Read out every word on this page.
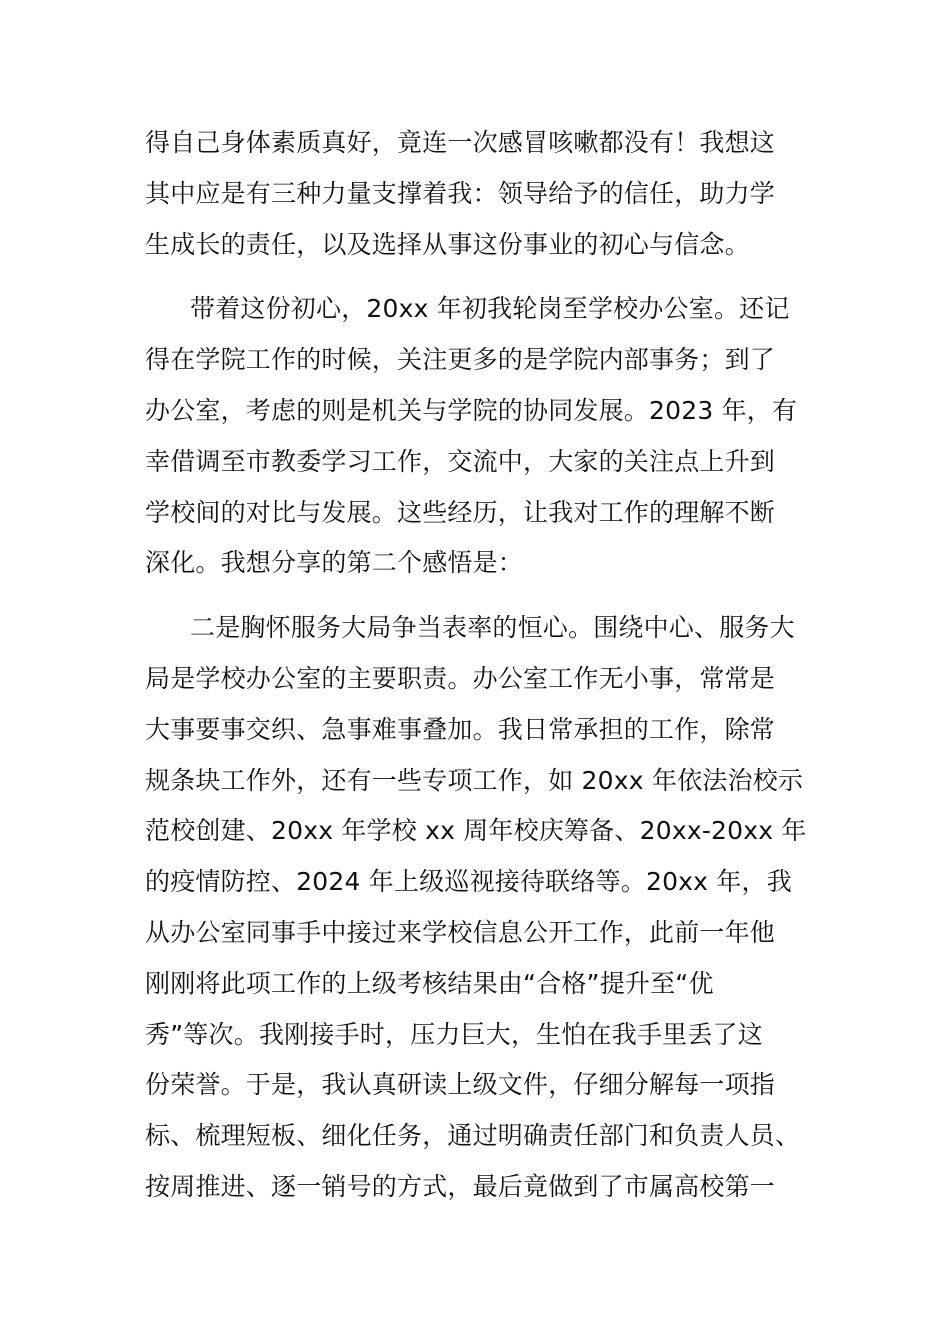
得自己身体素质真好，竟连一次感冒咳嗽都没有！我想这
其中应是有三种力量支撑着我：领导给予的信任，助力学
生成长的责任，以及选择从事这份事业的初心与信念。
带着这份初心，20xx 年初我轮岗至学校办公室。还记
得在学院工作的时候，关注更多的是学院内部事务；到了
办公室，考虑的则是机关与学院的协同发展。2023 年，有
幸借调至市教委学习工作，交流中，大家的关注点上升到
学校间的对比与发展。这些经历，让我对工作的理解不断
深化。我想分享的第二个感悟是：
二是胸怀服务大局争当表率的恒心。围绕中心、服务大
局是学校办公室的主要职责。办公室工作无小事，常常是
大事要事交织、急事难事叠加。我日常承担的工作，除常
规条块工作外，还有一些专项工作，如 20xx 年依法治校示
范校创建、20xx 年学校 xx 周年校庆筹备、20xx-20xx 年
的疫情防控、2024 年上级巡视接待联络等。20xx 年，我
从办公室同事手中接过来学校信息公开工作，此前一年他
刚刚将此项工作的上级考核结果由“合格”提升至“优
秀”等次。我刚接手时，压力巨大，生怕在我手里丢了这
份荣誉。于是，我认真研读上级文件，仔细分解每一项指
标、梳理短板、细化任务，通过明确责任部门和负责人员、
按周推进、逐一销号的方式，最后竟做到了市属高校第一
